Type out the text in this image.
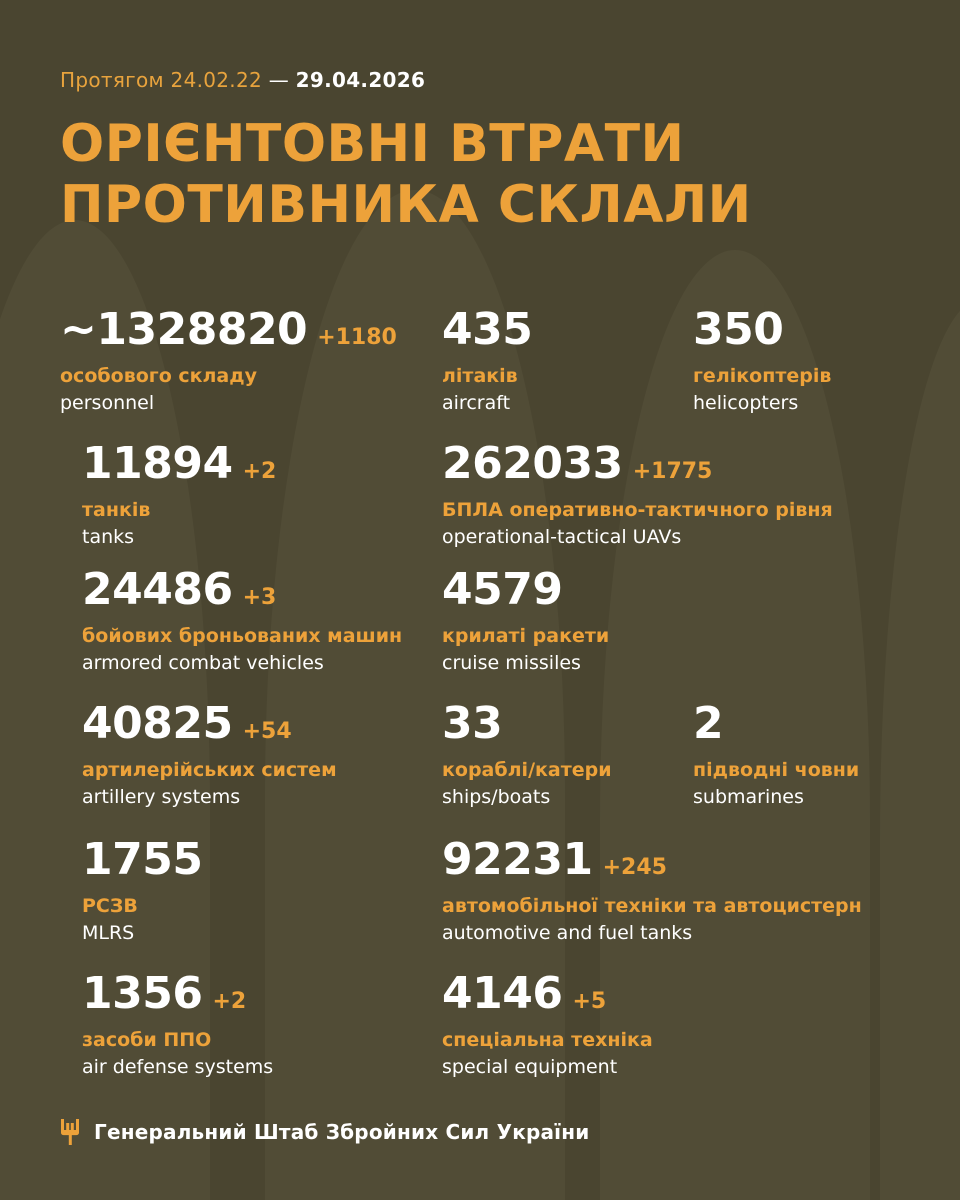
Протягом 24.02.22 — 29.04.2026
ОРІЄНТОВНІ ВТРАТИ
ПРОТИВНИКА СКЛАЛИ
~1328820 +1180
особового складу
personnel
435
літаків
aircraft
350
гелікоптерів
helicopters
11894 +2
танків
tanks
262033 +1775
БПЛА оперативно-тактичного рівня
operational-tactical UAVs
24486 +3
бойових броньованих машин
armored combat vehicles
4579
крилаті ракети
cruise missiles
40825 +54
артилерійських систем
artillery systems
33
кораблі/катери
ships/boats
2
підводні човни
submarines
1755
РСЗВ
MLRS
92231 +245
автомобільної техніки та автоцистерн
automotive and fuel tanks
1356 +2
засоби ППО
air defense systems
4146 +5
спеціальна техніка
special equipment
Генеральний Штаб Збройних Сил України
